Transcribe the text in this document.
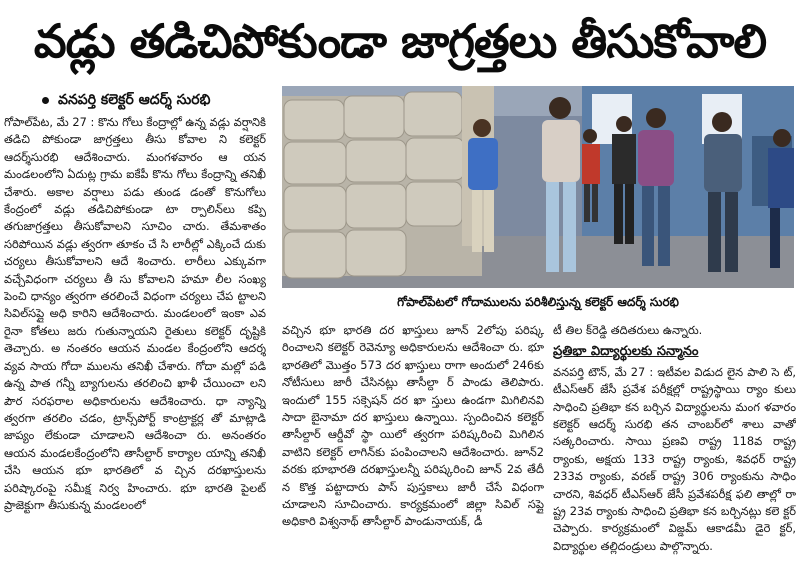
వడ్లు తడిచిపోకుండా జాగ్రత్తలు తీసుకోవాలి
వనపర్తి కలెక్టర్ ఆదర్శ్ సురభి
గోపాల్‌పేట, మే 27 : కొను గోలు కేంద్రాల్లో ఉన్న వడ్లు వర్షానికి తడిచి పోకుండా జాగ్రత్తలు తీసు కోవాల ని కలెక్టర్ ఆదర్శ్‌సురభి ఆదేశించారు. మంగళవారం ఆ యన మండలంలోని ఏదుట్ల గ్రామ ఐకేపీ కొను గోలు కేంద్రాన్ని తనిఖీ చేశారు. అకాల వర్షాలు పడు తుండ డంతో కొనుగోలు కేంద్రంలో వడ్లు తడిచిపోకుండా టా ర్పాలిన్‌లు కప్పి తగుజాగ్రత్తలు తీసుకోవాలని సూచిం చారు. తేమశాతం సరిపోయిన వడ్లు త్వరగా తూకం చే సి లారీల్లో ఎక్కించే దుకు చర్యలు తీసుకోవాలని ఆదే శించారు. లారీలు ఎక్కువగా వచ్చేవిధంగా చర్యలు తీ సు కోవాలని హమా లీల సంఖ్య పెంచి ధాన్యం త్వరగా తరలించే విధంగా చర్యలు చేప ట్టాలని సివిల్‌సప్లై అధి కారిని ఆదేశించారు. మండలంలో ఇంకా ఎవ రైనా కోతలు జరు గుతున్నాయని రైతులు కలెక్టర్ దృష్టికి తెచ్చారు. అ నంతరం ఆయన మండల కేంద్రంలోని ఆదర్శ వ్యవ సాయ గోదా ములను తనిఖీ చేశారు. గోదా మల్లో పడి ఉన్న పాత గన్నీ బ్యాగులను తరలించి ఖాళీ చేయించా లని పౌర సరఫరాల అధికారులను ఆదేశించారు. ధా న్యాన్ని త్వరగా తరలిం చడం, ట్రాన్స్‌పోర్ట్ కాంట్రాక్టర్ల తో మాట్లాడి జాప్యం లేకుండా చూడాలని ఆదేశించా రు. అనంతరం ఆయన మండలకేంద్రంలోని తాసీల్దార్ కార్యాల యాన్ని తనిఖీ చేసి ఆయన భూ భారతిలో వ చ్చిన దరఖాస్తులను పరిష్కారంపై సమీక్ష నిర్వ హించారు. భూ భారతి పైలట్ ప్రాజెక్టుగా తీసుకున్న మండలంలో
గోపాల్‌పేటలో గోదాములను పరిశీలిస్తున్న కలెక్టర్ ఆదర్శ్ సురభి
వచ్చిన భూ భారతి దర ఖాస్తులు జూన్ 2లోపు పరిష్క రించాలని కలెక్టర్ రెవెన్యూ అధికారులను ఆదేశించా రు. భూ భారతిలో మొత్తం 573 దర ఖాస్తులు రాగా అందులో 246కు నోటీసులు జారీ చేసినట్లు తాసీల్దా ర్ పాండు తెలిపారు. ఇందులో 155 సక్సెషన్ దర ఖా స్తులు ఉండగా మిగిలినవి సాదా బైనామా దర ఖాస్తులు ఉన్నాయి. స్పందించిన కలెక్టర్ తాసీల్దార్ ఆర్డీవో స్థా యిలో త్వరగా పరిష్కరించి మిగిలిన వాటిని కలెక్టర్ లాగిన్‌కు పంపించాలని ఆదేశించారు. జూన్2 వరకు భూభారతి దరఖాస్తులన్నీ పరిష్కరించి జూన్ 2వ తేదీ న కొత్త పట్టాదారు పాస్ పుస్తకాలు జారీ చేసే విధంగా చూడాలని సూచించారు. కార్యక్రమంలో జిల్లా సివిల్ సప్లై అధికారి విశ్వనాథ్ తాసీల్దార్ పాండునాయక్, డీ
టీ తిల క్‌రెడ్డి తదితరులు ఉన్నారు.
ప్రతిభా విద్యార్థులకు సన్మానం
వనపర్తి టౌన్, మే 27 : ఇటీవల విడుద లైన పాలి సె ట్, టీఎస్‌ఆర్ జేసీ ప్రవేశ పరీక్షల్లో రాష్ట్రస్థాయి ర్యాం కులు సాధించి ప్రతిభా కన బర్చిన విద్యార్థులను మంగ ళవారం కలెక్టర్ ఆదర్శ్ సురభి తన చాంబర్‌లో శాలు వాతో సత్కరించారు. సాయి ప్రణవి రాష్ట్ర 118వ రాష్ట్ర ర్యాంకు, అక్షయ 133 రాష్ట్ర ర్యాంకు, శివధర్ రాష్ట్ర 233వ ర్యాంకు, వరణ్ రాష్ట్ర 306 ర్యాంకును సాధిం చారని, శివధర్ టీఎస్‌ఆర్ జేసీ ప్రవేశపరీక్ష ఫలి తాల్లో రా ష్ట్ర 23వ ర్యాంకు సాధించి ప్రతిభా కన బర్చినట్లు కలె క్టర్ చెప్పారు. కార్యక్రమంలో విజ్డమ్ ఆకాడమీ డైరె క్టర్, విద్యార్థుల తల్లిదండ్రులు పాల్గొన్నారు.
